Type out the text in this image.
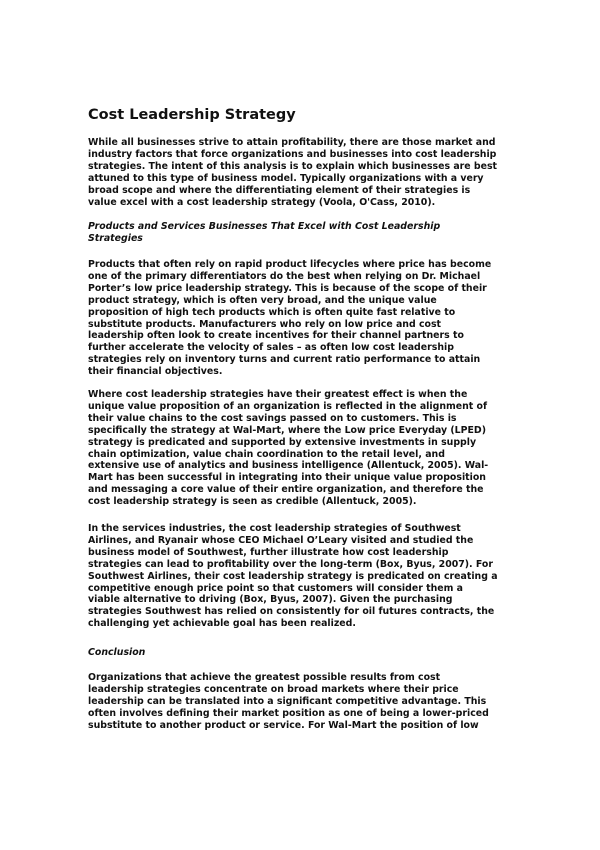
Cost Leadership Strategy
While all businesses strive to attain profitability, there are those market and
industry factors that force organizations and businesses into cost leadership
strategies. The intent of this analysis is to explain which businesses are best
attuned to this type of business model. Typically organizations with a very
broad scope and where the differentiating element of their strategies is
value excel with a cost leadership strategy (Voola, O'Cass, 2010).
Products and Services Businesses That Excel with Cost Leadership
Strategies
Products that often rely on rapid product lifecycles where price has become
one of the primary differentiators do the best when relying on Dr. Michael
Porter’s low price leadership strategy. This is because of the scope of their
product strategy, which is often very broad, and the unique value
proposition of high tech products which is often quite fast relative to
substitute products. Manufacturers who rely on low price and cost
leadership often look to create incentives for their channel partners to
further accelerate the velocity of sales – as often low cost leadership
strategies rely on inventory turns and current ratio performance to attain
their financial objectives.
Where cost leadership strategies have their greatest effect is when the
unique value proposition of an organization is reflected in the alignment of
their value chains to the cost savings passed on to customers. This is
specifically the strategy at Wal-Mart, where the Low price Everyday (LPED)
strategy is predicated and supported by extensive investments in supply
chain optimization, value chain coordination to the retail level, and
extensive use of analytics and business intelligence (Allentuck, 2005). Wal-
Mart has been successful in integrating into their unique value proposition
and messaging a core value of their entire organization, and therefore the
cost leadership strategy is seen as credible (Allentuck, 2005).
In the services industries, the cost leadership strategies of Southwest
Airlines, and Ryanair whose CEO Michael O’Leary visited and studied the
business model of Southwest, further illustrate how cost leadership
strategies can lead to profitability over the long-term (Box, Byus, 2007). For
Southwest Airlines, their cost leadership strategy is predicated on creating a
competitive enough price point so that customers will consider them a
viable alternative to driving (Box, Byus, 2007). Given the purchasing
strategies Southwest has relied on consistently for oil futures contracts, the
challenging yet achievable goal has been realized.
Conclusion
Organizations that achieve the greatest possible results from cost
leadership strategies concentrate on broad markets where their price
leadership can be translated into a significant competitive advantage. This
often involves defining their market position as one of being a lower-priced
substitute to another product or service. For Wal-Mart the position of low
